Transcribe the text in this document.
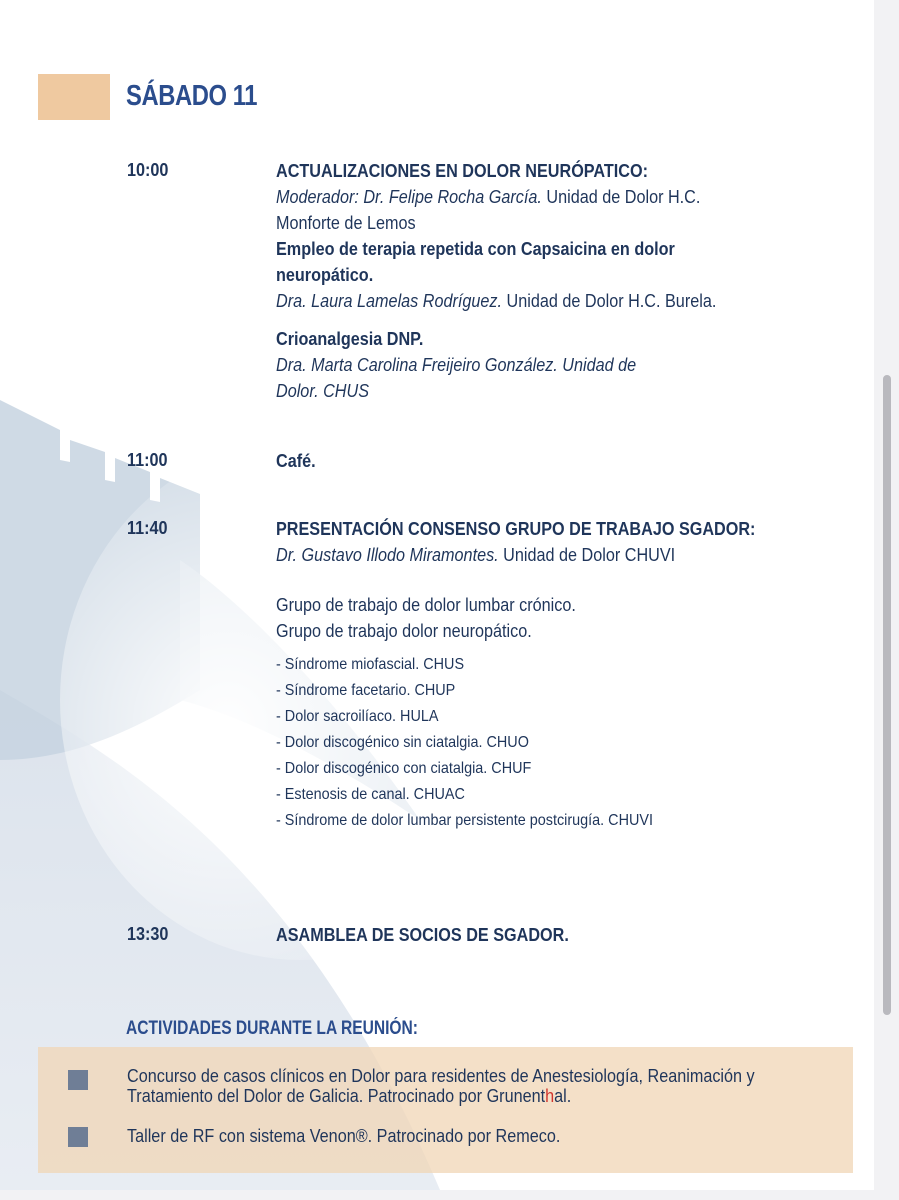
SÁBADO 11
10:00	ACTUALIZACIONES EN DOLOR NEURÓPATICO:
Moderador: Dr. Felipe Rocha García. Unidad de Dolor H.C.
Monforte de Lemos
Empleo de terapia repetida con Capsaicina en dolor
neuropático.
Dra. Laura Lamelas Rodríguez. Unidad de Dolor H.C. Burela.
Crioanalgesia DNP.
Dra. Marta Carolina Freijeiro González. Unidad de
Dolor. CHUS
11:00	Café.
11:40	PRESENTACIÓN CONSENSO GRUPO DE TRABAJO SGADOR:
Dr. Gustavo Illodo Miramontes. Unidad de Dolor CHUVI
Grupo de trabajo de dolor lumbar crónico.
Grupo de trabajo dolor neuropático.
- Síndrome miofascial. CHUS
- Síndrome facetario. CHUP
- Dolor sacroilíaco. HULA
- Dolor discogénico sin ciatalgia. CHUO
- Dolor discogénico con ciatalgia. CHUF
- Estenosis de canal. CHUAC
- Síndrome de dolor lumbar persistente postcirugía. CHUVI
13:30	ASAMBLEA DE SOCIOS DE SGADOR.
ACTIVIDADES DURANTE LA REUNIÓN:
Concurso de casos clínicos en Dolor para residentes de Anestesiología, Reanimación y
Tratamiento del Dolor de Galicia. Patrocinado por Grunenthal.
Taller de RF con sistema Venon®. Patrocinado por Remeco.
